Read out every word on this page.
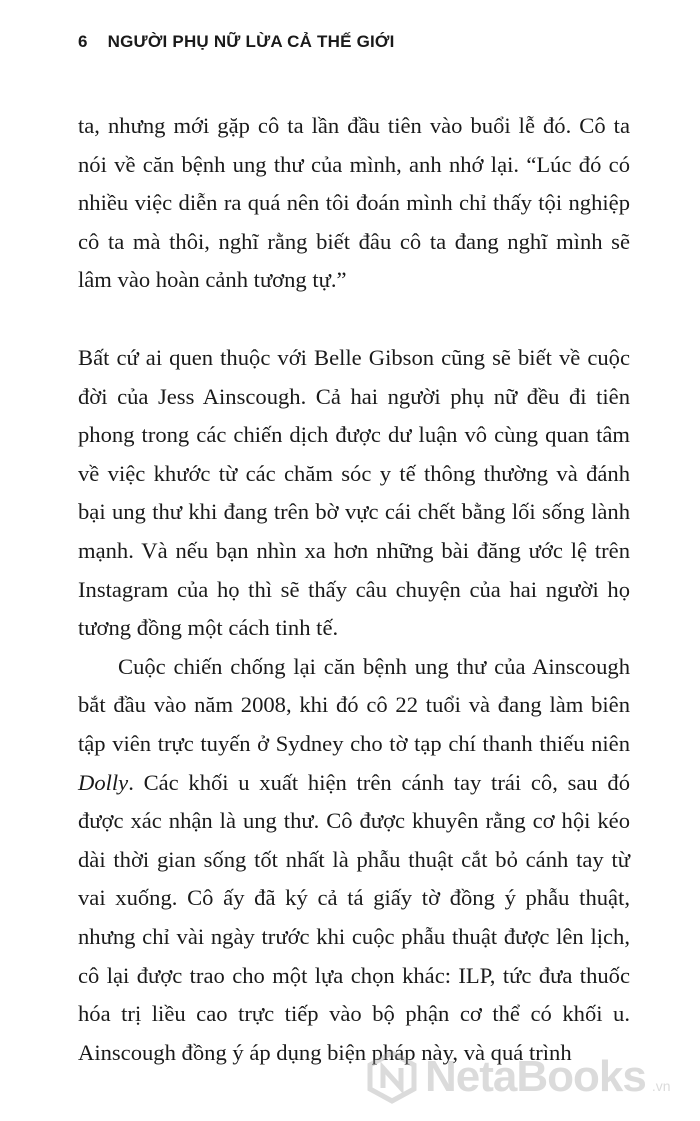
6 NGƯỜI PHỤ NỮ LỪA CẢ THẾ GIỚI

ta, nhưng mới gặp cô ta lần đầu tiên vào buổi lễ đó. Cô ta nói về căn bệnh ung thư của mình, anh nhớ lại. “Lúc đó có nhiều việc diễn ra quá nên tôi đoán mình chỉ thấy tội nghiệp cô ta mà thôi, nghĩ rằng biết đâu cô ta đang nghĩ mình sẽ lâm vào hoàn cảnh tương tự.”

Bất cứ ai quen thuộc với Belle Gibson cũng sẽ biết về cuộc đời của Jess Ainscough. Cả hai người phụ nữ đều đi tiên phong trong các chiến dịch được dư luận vô cùng quan tâm về việc khước từ các chăm sóc y tế thông thường và đánh bại ung thư khi đang trên bờ vực cái chết bằng lối sống lành mạnh. Và nếu bạn nhìn xa hơn những bài đăng ước lệ trên Instagram của họ thì sẽ thấy câu chuyện của hai người họ tương đồng một cách tinh tế.

Cuộc chiến chống lại căn bệnh ung thư của Ainscough bắt đầu vào năm 2008, khi đó cô 22 tuổi và đang làm biên tập viên trực tuyến ở Sydney cho tờ tạp chí thanh thiếu niên Dolly. Các khối u xuất hiện trên cánh tay trái cô, sau đó được xác nhận là ung thư. Cô được khuyên rằng cơ hội kéo dài thời gian sống tốt nhất là phẫu thuật cắt bỏ cánh tay từ vai xuống. Cô ấy đã ký cả tá giấy tờ đồng ý phẫu thuật, nhưng chỉ vài ngày trước khi cuộc phẫu thuật được lên lịch, cô lại được trao cho một lựa chọn khác: ILP, tức đưa thuốc hóa trị liều cao trực tiếp vào bộ phận cơ thể có khối u. Ainscough đồng ý áp dụng biện pháp này, và quá trình

NetaBooks .vn
